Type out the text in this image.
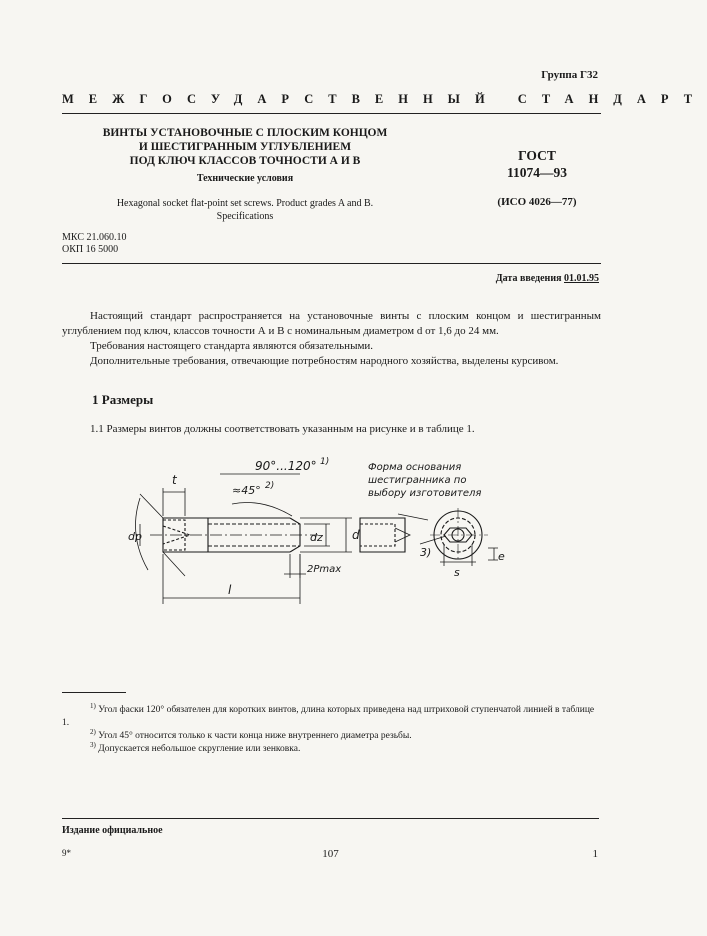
Группа Г32
МЕЖГОСУДАРСТВЕННЫЙ СТАНДАРТ
ВИНТЫ УСТАНОВОЧНЫЕ С ПЛОСКИМ КОНЦОМ
И ШЕСТИГРАННЫМ УГЛУБЛЕНИЕМ
ПОД КЛЮЧ КЛАССОВ ТОЧНОСТИ А И В
Технические условия
Hexagonal socket flat-point set screws. Product grades A and B.
Specifications
ГОСТ
11074—93
(ИСО 4026—77)
МКС 21.060.10
ОКП 16 5000
Дата введения 01.01.95
Настоящий стандарт распространяется на установочные винты с плоским концом и шестигранным углублением под ключ, классов точности А и В с номинальным диаметром d от 1,6 до 24 мм.
Требования настоящего стандарта являются обязательными.
Дополнительные требования, отвечающие потребностям народного хозяйства, выделены курсивом.
1 Размеры
1.1 Размеры винтов должны соответствовать указанным на рисунке и в таблице 1.
90°...120° 1)
≈45° 2)
t
dp	dz d
l
2Pmax
Форма основания
шестигранника по
выбору изготовителя
3)
s
e
$^{1)}$ Угол фаски 120° обязателен для коротких винтов, длина которых приведена над штриховой ступенчатой линией в таблице 1.
$^{2)}$ Угол 45° относится только к части конца ниже внутреннего диаметра резьбы.
$^{3)}$ Допускается небольшое скругление или зенковка.
Издание официальное
9*	107	1
